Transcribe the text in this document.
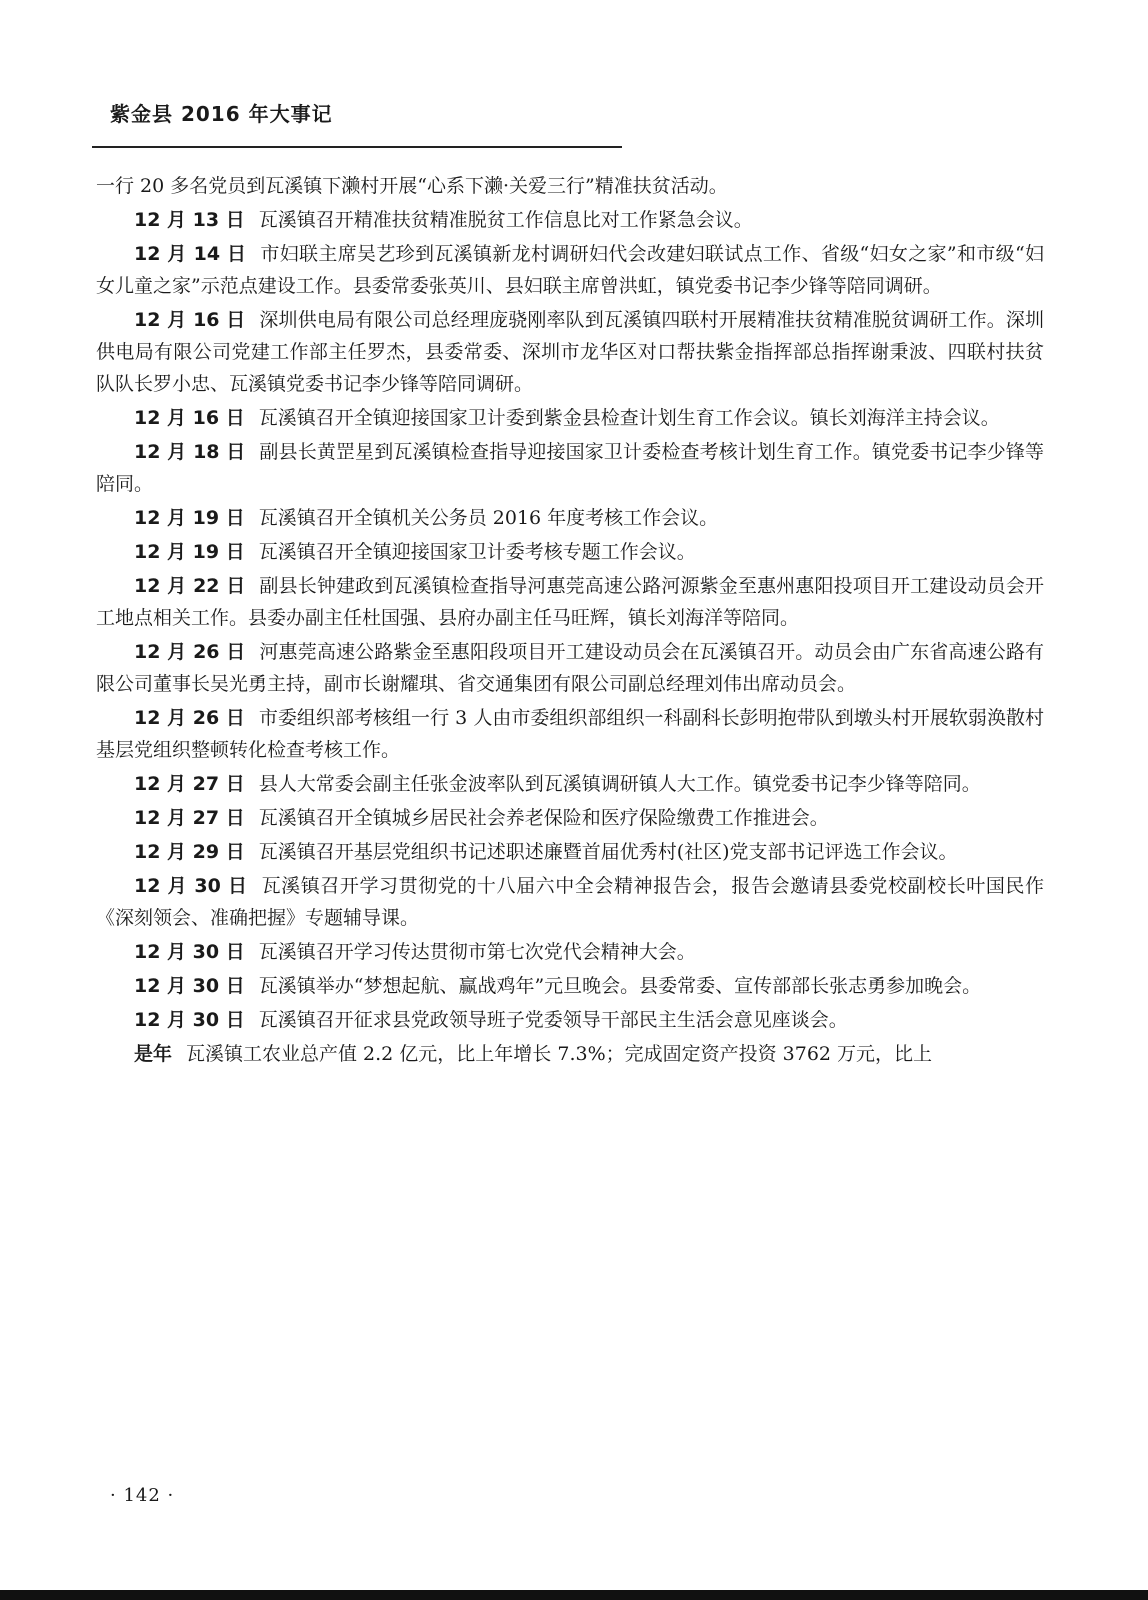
紫金县 2016 年大事记

一行 20 多名党员到瓦溪镇下濑村开展“心系下濑·关爱三行”精准扶贫活动。

12 月 13 日 瓦溪镇召开精准扶贫精准脱贫工作信息比对工作紧急会议。

12 月 14 日 市妇联主席吴艺珍到瓦溪镇新龙村调研妇代会改建妇联试点工作、省级“妇女之家”和市级“妇女儿童之家”示范点建设工作。县委常委张英川、县妇联主席曾洪虹，镇党委书记李少锋等陪同调研。

12 月 16 日 深圳供电局有限公司总经理庞骁刚率队到瓦溪镇四联村开展精准扶贫精准脱贫调研工作。深圳供电局有限公司党建工作部主任罗杰，县委常委、深圳市龙华区对口帮扶紫金指挥部总指挥谢秉波、四联村扶贫队队长罗小忠、瓦溪镇党委书记李少锋等陪同调研。

12 月 16 日 瓦溪镇召开全镇迎接国家卫计委到紫金县检查计划生育工作会议。镇长刘海洋主持会议。

12 月 18 日 副县长黄罡星到瓦溪镇检查指导迎接国家卫计委检查考核计划生育工作。镇党委书记李少锋等陪同。

12 月 19 日 瓦溪镇召开全镇机关公务员 2016 年度考核工作会议。

12 月 19 日 瓦溪镇召开全镇迎接国家卫计委考核专题工作会议。

12 月 22 日 副县长钟建政到瓦溪镇检查指导河惠莞高速公路河源紫金至惠州惠阳投项目开工建设动员会开工地点相关工作。县委办副主任杜国强、县府办副主任马旺辉，镇长刘海洋等陪同。

12 月 26 日 河惠莞高速公路紫金至惠阳段项目开工建设动员会在瓦溪镇召开。动员会由广东省高速公路有限公司董事长吴光勇主持，副市长谢耀琪、省交通集团有限公司副总经理刘伟出席动员会。

12 月 26 日 市委组织部考核组一行 3 人由市委组织部组织一科副科长彭明抱带队到墩头村开展软弱涣散村基层党组织整顿转化检查考核工作。

12 月 27 日 县人大常委会副主任张金波率队到瓦溪镇调研镇人大工作。镇党委书记李少锋等陪同。

12 月 27 日 瓦溪镇召开全镇城乡居民社会养老保险和医疗保险缴费工作推进会。

12 月 29 日 瓦溪镇召开基层党组织书记述职述廉暨首届优秀村(社区)党支部书记评选工作会议。

12 月 30 日 瓦溪镇召开学习贯彻党的十八届六中全会精神报告会，报告会邀请县委党校副校长叶国民作《深刻领会、准确把握》专题辅导课。

12 月 30 日 瓦溪镇召开学习传达贯彻市第七次党代会精神大会。

12 月 30 日 瓦溪镇举办“梦想起航、赢战鸡年”元旦晚会。县委常委、宣传部部长张志勇参加晚会。

12 月 30 日 瓦溪镇召开征求县党政领导班子党委领导干部民主生活会意见座谈会。

是年 瓦溪镇工农业总产值 2.2 亿元，比上年增长 7.3%；完成固定资产投资 3762 万元，比上

· 142 ·
